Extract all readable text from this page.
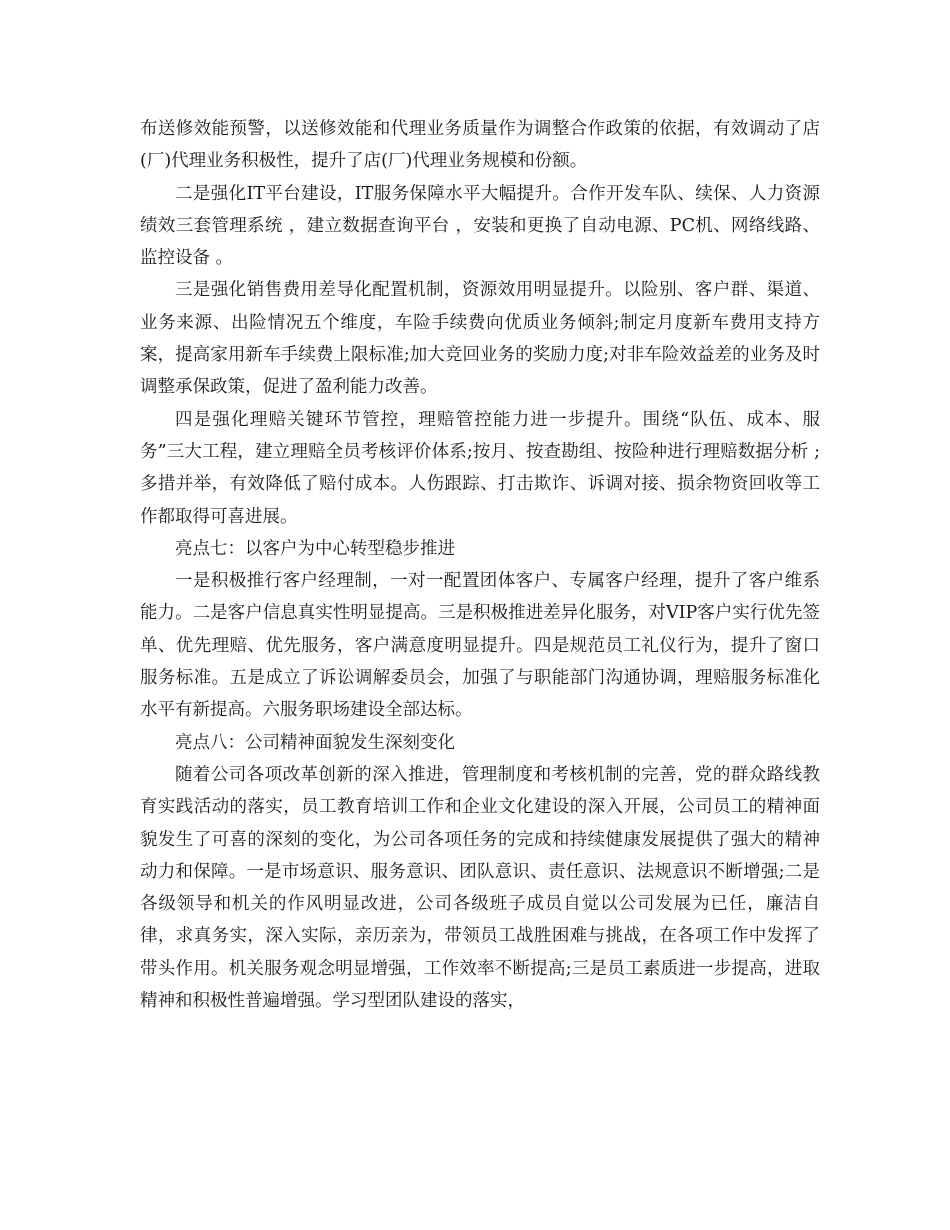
布送修效能预警，以送修效能和代理业务质量作为调整合作政策的依据，有效调动了店(厂)代理业务积极性，提升了店(厂)代理业务规模和份额。

二是强化IT平台建设，IT服务保障水平大幅提升。合作开发车队、续保、人力资源绩效三套管理系统 ，建立数据查询平台 ，安装和更换了自动电源、PC机、网络线路、监控设备 。

三是强化销售费用差导化配置机制，资源效用明显提升。以险别、客户群、渠道、业务来源、出险情况五个维度，车险手续费向优质业务倾斜;制定月度新车费用支持方案，提高家用新车手续费上限标准;加大竞回业务的奖励力度;对非车险效益差的业务及时调整承保政策，促进了盈利能力改善。

四是强化理赔关键环节管控，理赔管控能力进一步提升。围绕“队伍、成本、服务”三大工程，建立理赔全员考核评价体系;按月、按查勘组、按险种进行理赔数据分析 ;多措并举，有效降低了赔付成本。人伤跟踪、打击欺诈、诉调对接、损余物资回收等工作都取得可喜进展。

亮点七：以客户为中心转型稳步推进

一是积极推行客户经理制，一对一配置团体客户、专属客户经理，提升了客户维系能力。二是客户信息真实性明显提高。三是积极推进差异化服务，对VIP客户实行优先签单、优先理赔、优先服务，客户满意度明显提升。四是规范员工礼仪行为，提升了窗口服务标准。五是成立了诉讼调解委员会，加强了与职能部门沟通协调，理赔服务标准化水平有新提高。六服务职场建设全部达标。

亮点八：公司精神面貌发生深刻变化

随着公司各项改革创新的深入推进，管理制度和考核机制的完善，党的群众路线教育实践活动的落实，员工教育培训工作和企业文化建设的深入开展，公司员工的精神面貌发生了可喜的深刻的变化，为公司各项任务的完成和持续健康发展提供了强大的精神动力和保障。一是市场意识、服务意识、团队意识、责任意识、法规意识不断增强;二是各级领导和机关的作风明显改进，公司各级班子成员自觉以公司发展为已任，廉洁自律，求真务实，深入实际，亲历亲为，带领员工战胜困难与挑战，在各项工作中发挥了带头作用。机关服务观念明显增强，工作效率不断提高;三是员工素质进一步提高，进取精神和积极性普遍增强。学习型团队建设的落实，
